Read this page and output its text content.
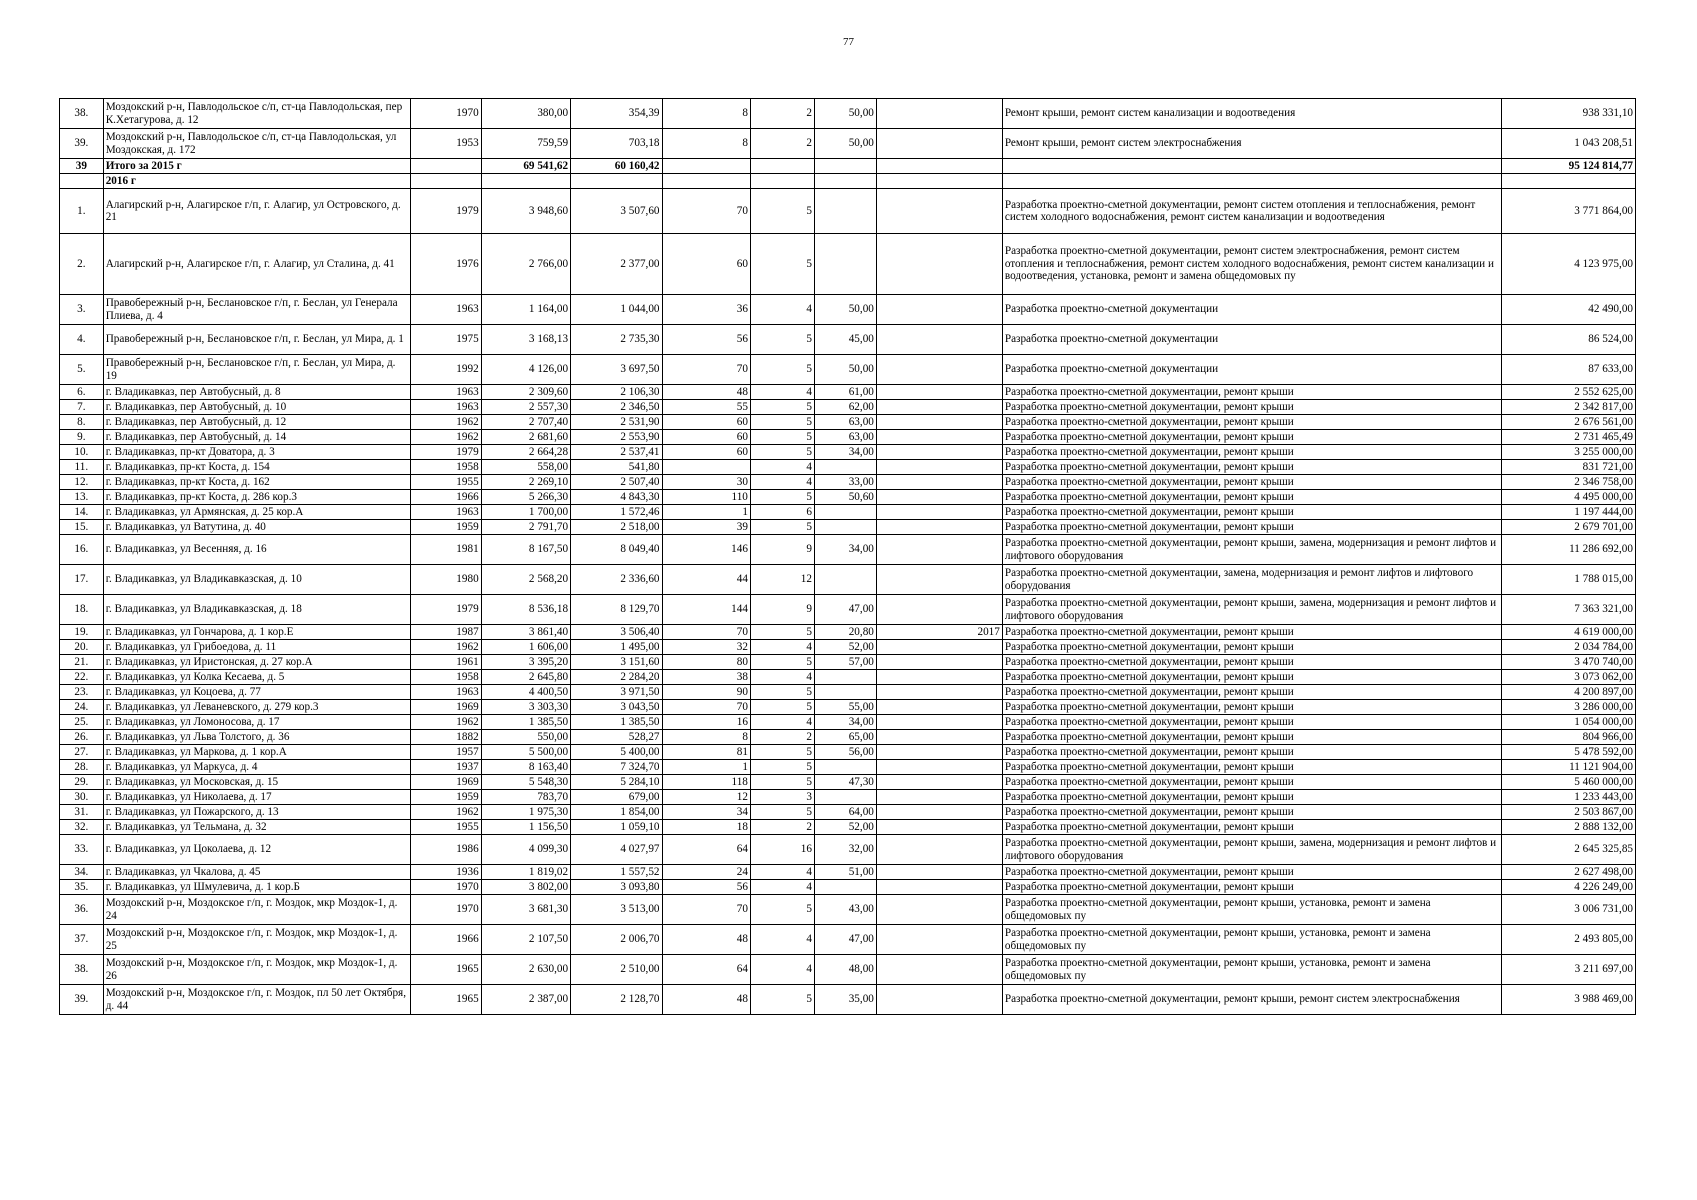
77
38.	Моздокский р-н, Павлодольское с/п, ст-ца Павлодольская, пер К.Хетагурова, д. 12	1970	380,00	354,39	8	2	50,00		Ремонт крыши, ремонт систем канализации и водоотведения	938 331,10
39.	Моздокский р-н, Павлодольское с/п, ст-ца Павлодольская, ул Моздокская, д. 172	1953	759,59	703,18	8	2	50,00		Ремонт крыши, ремонт систем электроснабжения	1 043 208,51
39	Итого за 2015 г		69 541,62	60 160,42						95 124 814,77
	2016 г									
1.	Алагирский р-н, Алагирское г/п, г. Алагир, ул Островского, д. 21	1979	3 948,60	3 507,60	70	5			Разработка проектно-сметной документации, ремонт систем отопления и теплоснабжения, ремонт систем холодного водоснабжения, ремонт систем канализации и водоотведения	3 771 864,00
2.	Алагирский р-н, Алагирское г/п, г. Алагир, ул Сталина, д. 41	1976	2 766,00	2 377,00	60	5			Разработка проектно-сметной документации, ремонт систем электроснабжения, ремонт систем отопления и теплоснабжения, ремонт систем холодного водоснабжения, ремонт систем канализации и водоотведения, установка, ремонт и замена общедомовых пу	4 123 975,00
3.	Правобережный р-н, Беслановское г/п, г. Беслан, ул Генерала Плиева, д. 4	1963	1 164,00	1 044,00	36	4	50,00		Разработка проектно-сметной документации	42 490,00
4.	Правобережный р-н, Беслановское г/п, г. Беслан, ул Мира, д. 1	1975	3 168,13	2 735,30	56	5	45,00		Разработка проектно-сметной документации	86 524,00
5.	Правобережный р-н, Беслановское г/п, г. Беслан, ул Мира, д. 19	1992	4 126,00	3 697,50	70	5	50,00		Разработка проектно-сметной документации	87 633,00
6.	г. Владикавказ, пер Автобусный, д. 8	1963	2 309,60	2 106,30	48	4	61,00		Разработка проектно-сметной документации, ремонт крыши	2 552 625,00
7.	г. Владикавказ, пер Автобусный, д. 10	1963	2 557,30	2 346,50	55	5	62,00		Разработка проектно-сметной документации, ремонт крыши	2 342 817,00
8.	г. Владикавказ, пер Автобусный, д. 12	1962	2 707,40	2 531,90	60	5	63,00		Разработка проектно-сметной документации, ремонт крыши	2 676 561,00
9.	г. Владикавказ, пер Автобусный, д. 14	1962	2 681,60	2 553,90	60	5	63,00		Разработка проектно-сметной документации, ремонт крыши	2 731 465,49
10.	г. Владикавказ, пр-кт Доватора, д. 3	1979	2 664,28	2 537,41	60	5	34,00		Разработка проектно-сметной документации, ремонт крыши	3 255 000,00
11.	г. Владикавказ, пр-кт Коста, д. 154	1958	558,00	541,80		4			Разработка проектно-сметной документации, ремонт крыши	831 721,00
12.	г. Владикавказ, пр-кт Коста, д. 162	1955	2 269,10	2 507,40	30	4	33,00		Разработка проектно-сметной документации, ремонт крыши	2 346 758,00
13.	г. Владикавказ, пр-кт Коста, д. 286 кор.3	1966	5 266,30	4 843,30	110	5	50,60		Разработка проектно-сметной документации, ремонт крыши	4 495 000,00
14.	г. Владикавказ, ул Армянская, д. 25 кор.А	1963	1 700,00	1 572,46	1	6			Разработка проектно-сметной документации, ремонт крыши	1 197 444,00
15.	г. Владикавказ, ул Ватутина, д. 40	1959	2 791,70	2 518,00	39	5			Разработка проектно-сметной документации, ремонт крыши	2 679 701,00
16.	г. Владикавказ, ул Весенняя, д. 16	1981	8 167,50	8 049,40	146	9	34,00		Разработка проектно-сметной документации, ремонт крыши, замена, модернизация и ремонт лифтов и лифтового оборудования	11 286 692,00
17.	г. Владикавказ, ул Владикавказская, д. 10	1980	2 568,20	2 336,60	44	12			Разработка проектно-сметной документации, замена, модернизация и ремонт лифтов и лифтового оборудования	1 788 015,00
18.	г. Владикавказ, ул Владикавказская, д. 18	1979	8 536,18	8 129,70	144	9	47,00		Разработка проектно-сметной документации, ремонт крыши, замена, модернизация и ремонт лифтов и лифтового оборудования	7 363 321,00
19.	г. Владикавказ, ул Гончарова, д. 1 кор.Е	1987	3 861,40	3 506,40	70	5	20,80	2017	Разработка проектно-сметной документации, ремонт крыши	4 619 000,00
20.	г. Владикавказ, ул Грибоедова, д. 11	1962	1 606,00	1 495,00	32	4	52,00		Разработка проектно-сметной документации, ремонт крыши	2 034 784,00
21.	г. Владикавказ, ул Иристонская, д. 27 кор.А	1961	3 395,20	3 151,60	80	5	57,00		Разработка проектно-сметной документации, ремонт крыши	3 470 740,00
22.	г. Владикавказ, ул Колка Кесаева, д. 5	1958	2 645,80	2 284,20	38	4			Разработка проектно-сметной документации, ремонт крыши	3 073 062,00
23.	г. Владикавказ, ул Коцоева, д. 77	1963	4 400,50	3 971,50	90	5			Разработка проектно-сметной документации, ремонт крыши	4 200 897,00
24.	г. Владикавказ, ул Леваневского, д. 279 кор.3	1969	3 303,30	3 043,50	70	5	55,00		Разработка проектно-сметной документации, ремонт крыши	3 286 000,00
25.	г. Владикавказ, ул Ломоносова, д. 17	1962	1 385,50	1 385,50	16	4	34,00		Разработка проектно-сметной документации, ремонт крыши	1 054 000,00
26.	г. Владикавказ, ул Льва Толстого, д. 36	1882	550,00	528,27	8	2	65,00		Разработка проектно-сметной документации, ремонт крыши	804 966,00
27.	г. Владикавказ, ул Маркова, д. 1 кор.А	1957	5 500,00	5 400,00	81	5	56,00		Разработка проектно-сметной документации, ремонт крыши	5 478 592,00
28.	г. Владикавказ, ул Маркуса, д. 4	1937	8 163,40	7 324,70	1	5			Разработка проектно-сметной документации, ремонт крыши	11 121 904,00
29.	г. Владикавказ, ул Московская, д. 15	1969	5 548,30	5 284,10	118	5	47,30		Разработка проектно-сметной документации, ремонт крыши	5 460 000,00
30.	г. Владикавказ, ул Николаева, д. 17	1959	783,70	679,00	12	3			Разработка проектно-сметной документации, ремонт крыши	1 233 443,00
31.	г. Владикавказ, ул Пожарского, д. 13	1962	1 975,30	1 854,00	34	5	64,00		Разработка проектно-сметной документации, ремонт крыши	2 503 867,00
32.	г. Владикавказ, ул Тельмана, д. 32	1955	1 156,50	1 059,10	18	2	52,00		Разработка проектно-сметной документации, ремонт крыши	2 888 132,00
33.	г. Владикавказ, ул Цоколаева, д. 12	1986	4 099,30	4 027,97	64	16	32,00		Разработка проектно-сметной документации, ремонт крыши, замена, модернизация и ремонт лифтов и лифтового оборудования	2 645 325,85
34.	г. Владикавказ, ул Чкалова, д. 45	1936	1 819,02	1 557,52	24	4	51,00		Разработка проектно-сметной документации, ремонт крыши	2 627 498,00
35.	г. Владикавказ, ул Шмулевича, д. 1 кор.Б	1970	3 802,00	3 093,80	56	4			Разработка проектно-сметной документации, ремонт крыши	4 226 249,00
36.	Моздокский р-н, Моздокское г/п, г. Моздок, мкр Моздок-1, д. 24	1970	3 681,30	3 513,00	70	5	43,00		Разработка проектно-сметной документации, ремонт крыши, установка, ремонт и замена общедомовых пу	3 006 731,00
37.	Моздокский р-н, Моздокское г/п, г. Моздок, мкр Моздок-1, д. 25	1966	2 107,50	2 006,70	48	4	47,00		Разработка проектно-сметной документации, ремонт крыши, установка, ремонт и замена общедомовых пу	2 493 805,00
38.	Моздокский р-н, Моздокское г/п, г. Моздок, мкр Моздок-1, д. 26	1965	2 630,00	2 510,00	64	4	48,00		Разработка проектно-сметной документации, ремонт крыши, установка, ремонт и замена общедомовых пу	3 211 697,00
39.	Моздокский р-н, Моздокское г/п, г. Моздок, пл 50 лет Октября, д. 44	1965	2 387,00	2 128,70	48	5	35,00		Разработка проектно-сметной документации, ремонт крыши, ремонт систем электроснабжения	3 988 469,00
